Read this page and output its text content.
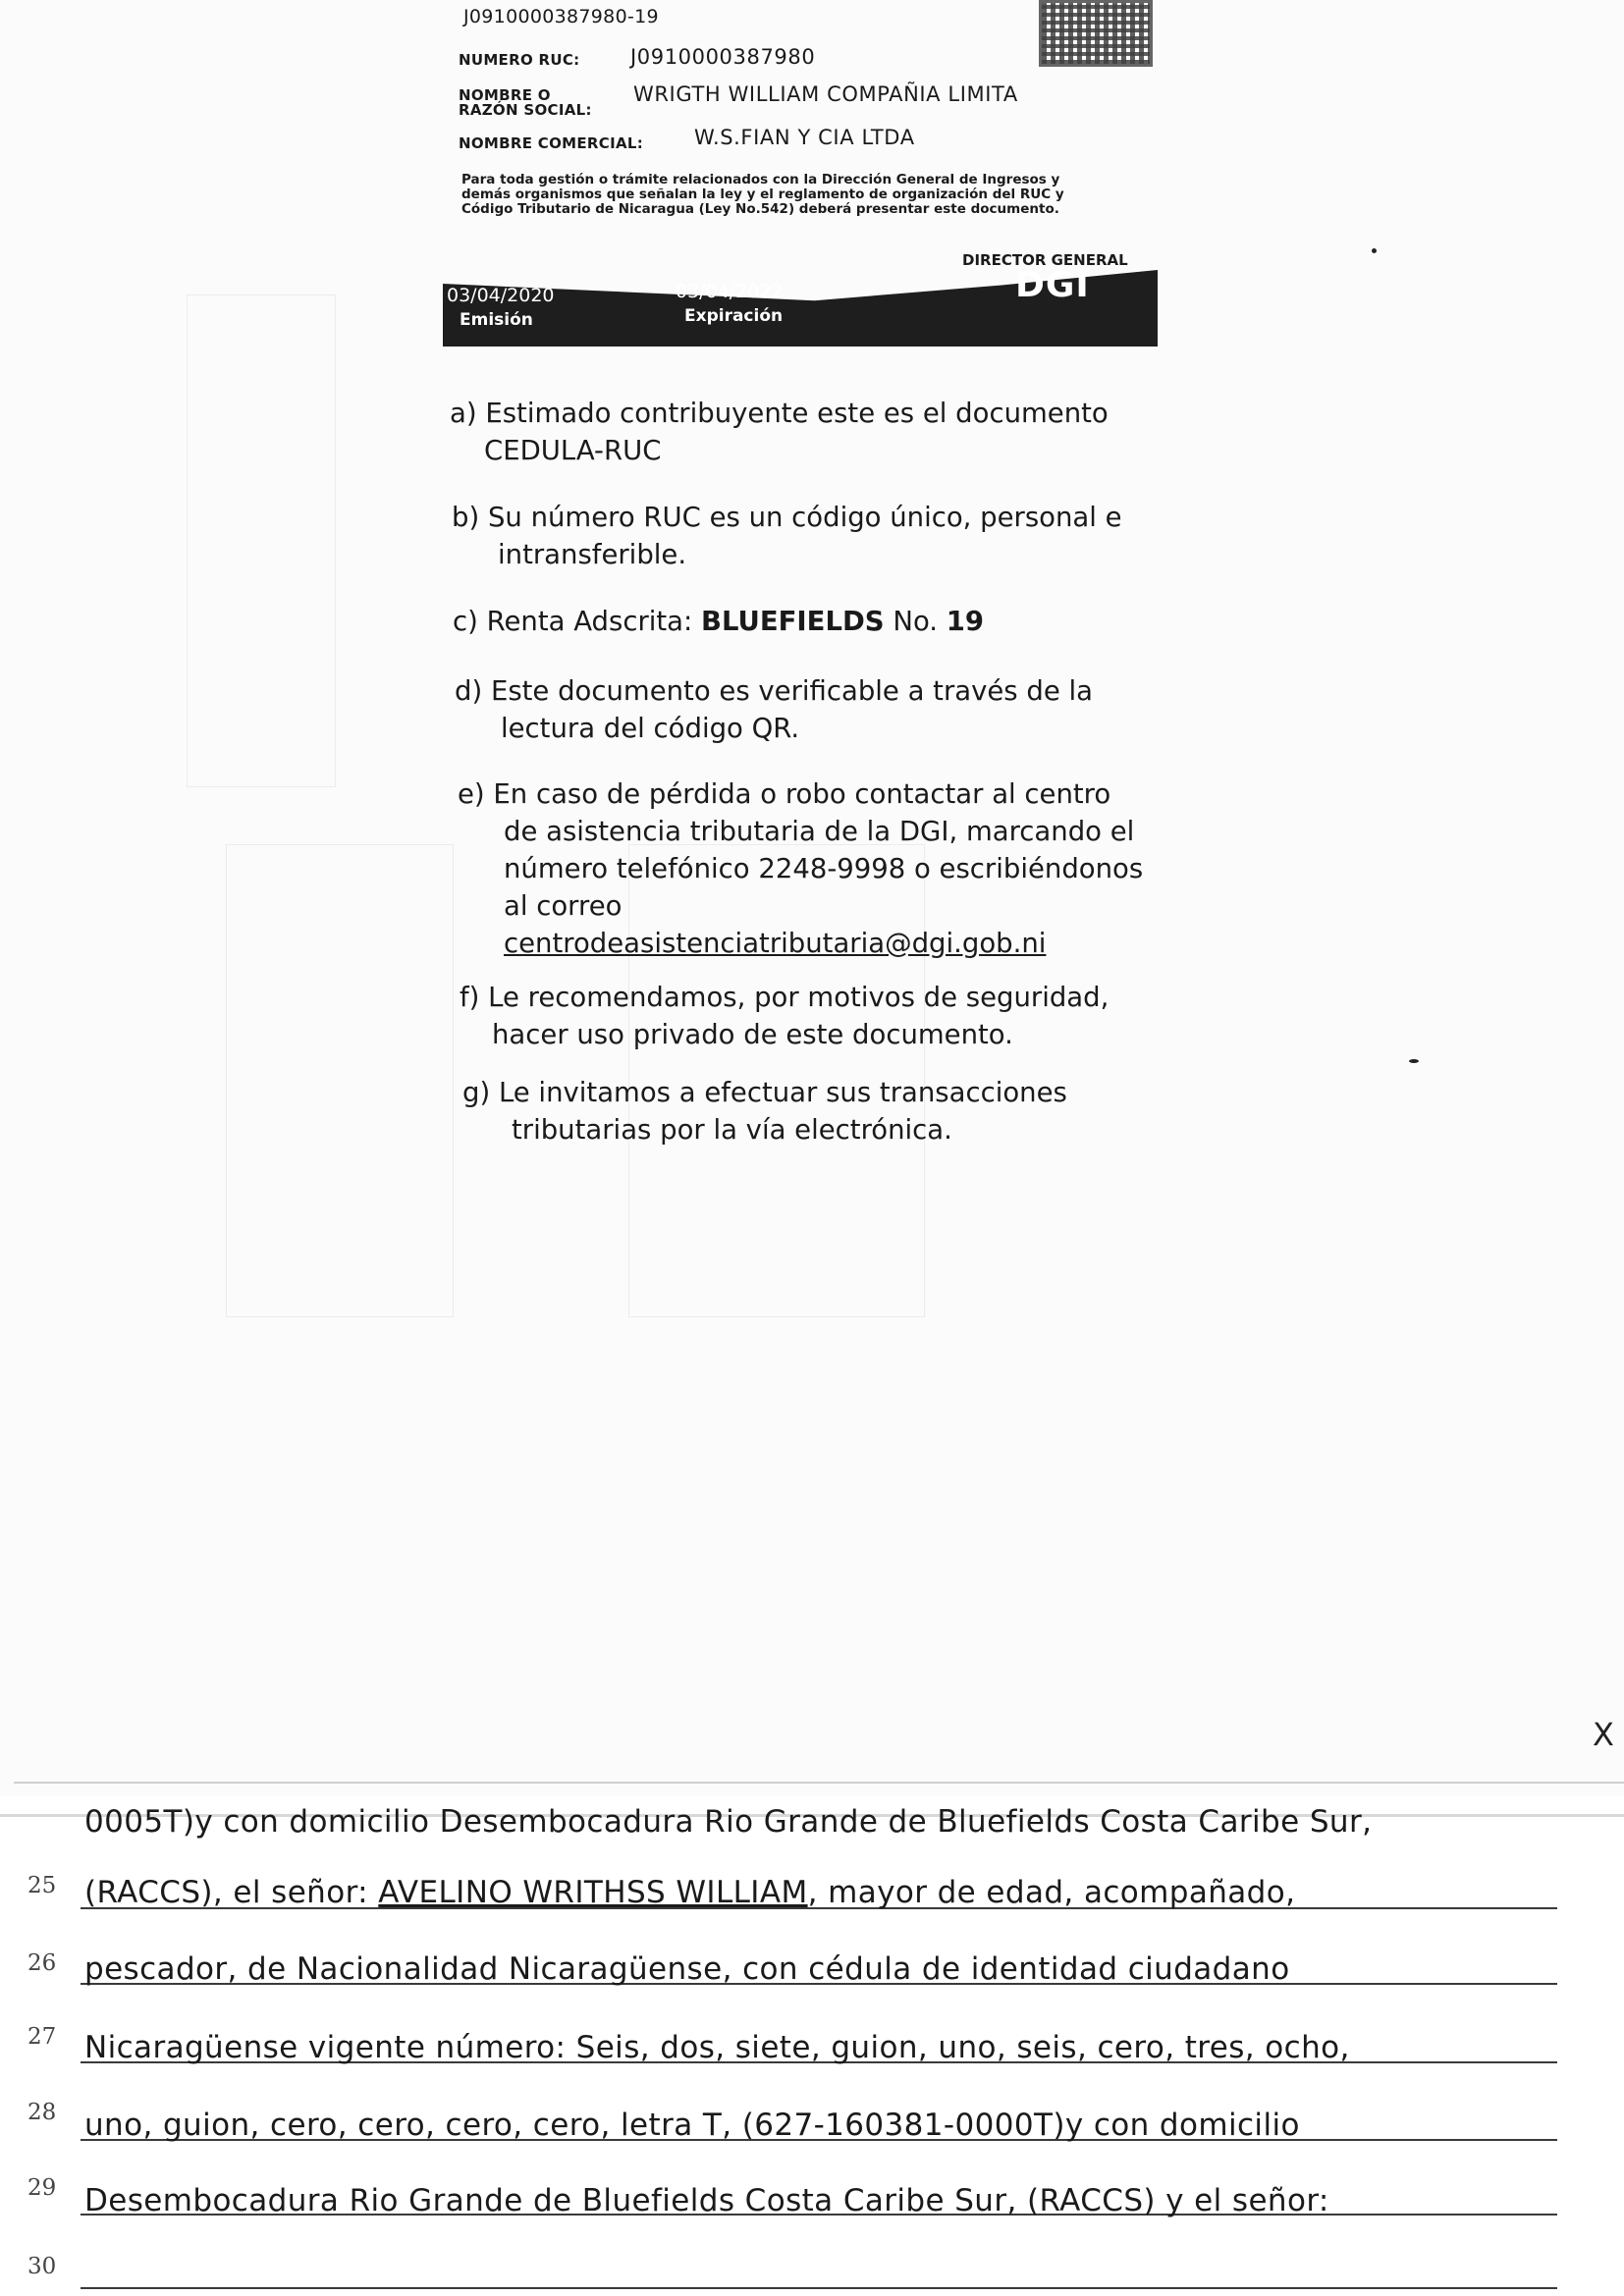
J0910000387980-19
NUMERO RUC: J0910000387980
NOMBRE O
RAZÓN SOCIAL:
WRIGTH WILLIAM COMPAÑIA LIMITA
NOMBRE COMERCIAL: W.S.FIAN Y CIA LTDA
Para toda gestión o trámite relacionados con la Dirección General de Ingresos y demás organismos que señalan la ley y el reglamento de organización del RUC y Código Tributario de Nicaragua (Ley No.542) deberá presentar este documento.
DIRECTOR GENERAL
DGI
03/04/2020
Emisión
03/04/2022
Expiración
a) Estimado contribuyente este es el documento
CEDULA-RUC
b) Su número RUC es un código único, personal e
intransferible.
c) Renta Adscrita: BLUEFIELDS No. 19
d) Este documento es verificable a través de la
lectura del código QR.
e) En caso de pérdida o robo contactar al centro
de asistencia tributaria de la DGI, marcando el
número telefónico 2248-9998 o escribiéndonos
al correo
centrodeasistenciatributaria@dgi.gob.ni
f) Le recomendamos, por motivos de seguridad,
hacer uso privado de este documento.
g) Le invitamos a efectuar sus transacciones
tributarias por la vía electrónica.
X
0005T)y con domicilio Desembocadura Rio Grande de Bluefields Costa Caribe Sur,
25 (RACCS), el señor: AVELINO WRITHSS WILLIAM, mayor de edad, acompañado,
26 pescador, de Nacionalidad Nicaragüense, con cédula de identidad ciudadano
27 Nicaragüense vigente número: Seis, dos, siete, guion, uno, seis, cero, tres, ocho,
28 uno, guion, cero, cero, cero, cero, letra T, (627-160381-0000T)y con domicilio
29 Desembocadura Rio Grande de Bluefields Costa Caribe Sur, (RACCS) y el señor:
30
